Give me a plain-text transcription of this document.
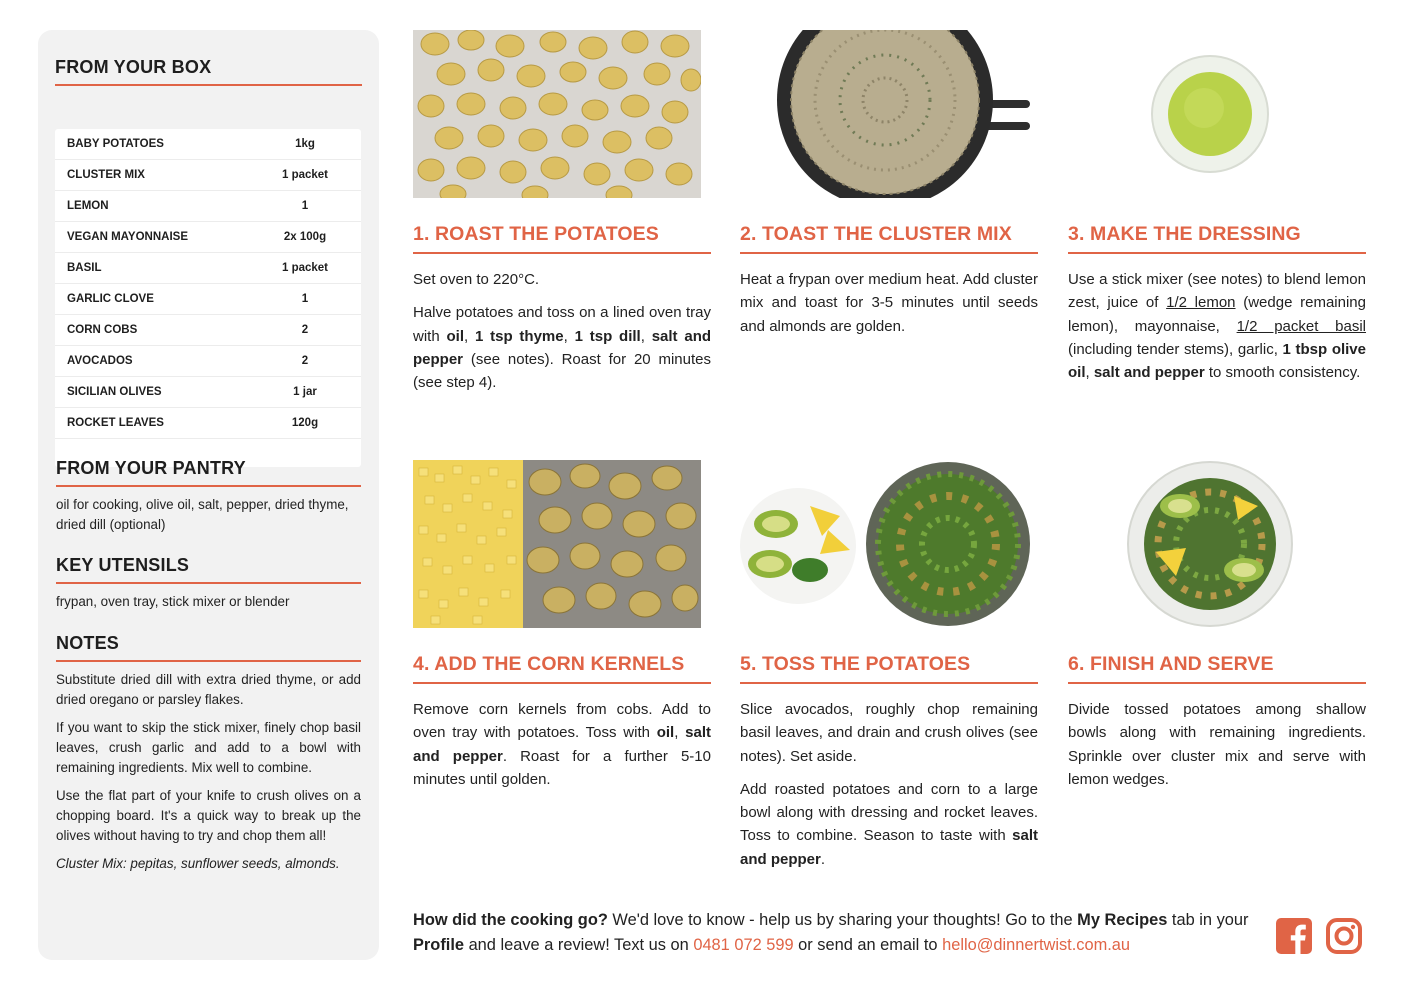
FROM YOUR BOX
BABY POTATOES	1kg
CLUSTER MIX	1 packet
LEMON	1
VEGAN MAYONNAISE	2x 100g
BASIL	1 packet
GARLIC CLOVE	1
CORN COBS	2
AVOCADOS	2
SICILIAN OLIVES	1 jar
ROCKET LEAVES	120g
FROM YOUR PANTRY
oil for cooking, olive oil, salt, pepper, dried thyme, dried dill (optional)
KEY UTENSILS
frypan, oven tray, stick mixer or blender
NOTES
Substitute dried dill with extra dried thyme, or add dried oregano or parsley flakes.
If you want to skip the stick mixer, finely chop basil leaves, crush garlic and add to a bowl with remaining ingredients. Mix well to combine.
Use the flat part of your knife to crush olives on a chopping board. It's a quick way to break up the olives without having to try and chop them all!
Cluster Mix: pepitas, sunflower seeds, almonds.
1. ROAST THE POTATOES

Set oven to 220°C.

Halve potatoes and toss on a lined oven tray with oil, 1 tsp thyme, 1 tsp dill, salt and pepper (see notes). Roast for 20 minutes (see step 4).

2. TOAST THE CLUSTER MIX

Heat a frypan over medium heat. Add cluster mix and toast for 3-5 minutes until seeds and almonds are golden.

3. MAKE THE DRESSING

Use a stick mixer (see notes) to blend lemon zest, juice of 1/2 lemon (wedge remaining lemon), mayonnaise, 1/2 packet basil (including tender stems), garlic, 1 tbsp olive oil, salt and pepper to smooth consistency.

4. ADD THE CORN KERNELS

Remove corn kernels from cobs. Add to oven tray with potatoes. Toss with oil, salt and pepper. Roast for a further 5-10 minutes until golden.

5. TOSS THE POTATOES

Slice avocados, roughly chop remaining basil leaves, and drain and crush olives (see notes). Set aside.

Add roasted potatoes and corn to a large bowl along with dressing and rocket leaves. Toss to combine. Season to taste with salt and pepper.

6. FINISH AND SERVE

Divide tossed potatoes among shallow bowls along with remaining ingredients. Sprinkle over cluster mix and serve with lemon wedges.

How did the cooking go? We'd love to know - help us by sharing your thoughts! Go to the My Recipes tab in your Profile and leave a review! Text us on 0481 072 599 or send an email to hello@dinnertwist.com.au
